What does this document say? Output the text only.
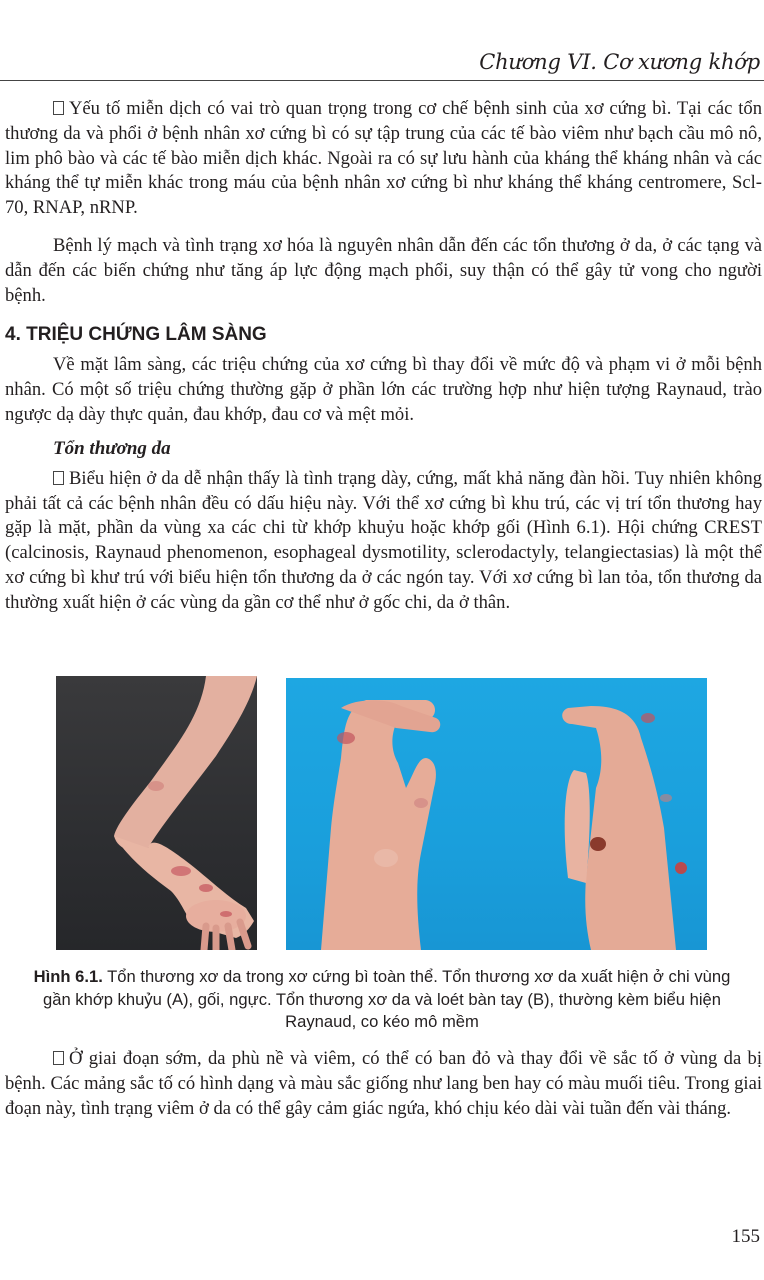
Chương VI. Cơ xương khớp

Yếu tố miễn dịch có vai trò quan trọng trong cơ chế bệnh sinh của xơ cứng bì. Tại các tổn thương da và phổi ở bệnh nhân xơ cứng bì có sự tập trung của các tế bào viêm như bạch cầu mô nô, lim phô bào và các tế bào miễn dịch khác. Ngoài ra có sự lưu hành của kháng thể kháng nhân và các kháng thể tự miễn khác trong máu của bệnh nhân xơ cứng bì như kháng thể kháng centromere, Scl-70, RNAP, nRNP.

Bệnh lý mạch và tình trạng xơ hóa là nguyên nhân dẫn đến các tổn thương ở da, ở các tạng và dẫn đến các biến chứng như tăng áp lực động mạch phổi, suy thận có thể gây tử vong cho người bệnh.

4. TRIỆU CHỨNG LÂM SÀNG

Về mặt lâm sàng, các triệu chứng của xơ cứng bì thay đổi về mức độ và phạm vi ở mỗi bệnh nhân. Có một số triệu chứng thường gặp ở phần lớn các trường hợp như hiện tượng Raynaud, trào ngược dạ dày thực quản, đau khớp, đau cơ và mệt mỏi.

Tổn thương da

Biểu hiện ở da dễ nhận thấy là tình trạng dày, cứng, mất khả năng đàn hồi. Tuy nhiên không phải tất cả các bệnh nhân đều có dấu hiệu này. Với thể xơ cứng bì khu trú, các vị trí tổn thương hay gặp là mặt, phần da vùng xa các chi từ khớp khuỷu hoặc khớp gối (Hình 6.1). Hội chứng CREST (calcinosis, Raynaud phenomenon, esophageal dysmotility, sclerodactyly, telangiectasias) là một thể xơ cứng bì khư trú với biểu hiện tổn thương da ở các ngón tay. Với xơ cứng bì lan tỏa, tổn thương da thường xuất hiện ở các vùng da gần cơ thể như ở gốc chi, da ở thân.

Hình 6.1. Tổn thương xơ da trong xơ cứng bì toàn thể. Tổn thương xơ da xuất hiện ở chi vùng gần khớp khuỷu (A), gối, ngực. Tổn thương xơ da và loét bàn tay (B), thường kèm biểu hiện Raynaud, co kéo mô mềm

Ở giai đoạn sớm, da phù nề và viêm, có thể có ban đỏ và thay đổi về sắc tố ở vùng da bị bệnh. Các mảng sắc tố có hình dạng và màu sắc giống như lang ben hay có màu muối tiêu. Trong giai đoạn này, tình trạng viêm ở da có thể gây cảm giác ngứa, khó chịu kéo dài vài tuần đến vài tháng.

155
